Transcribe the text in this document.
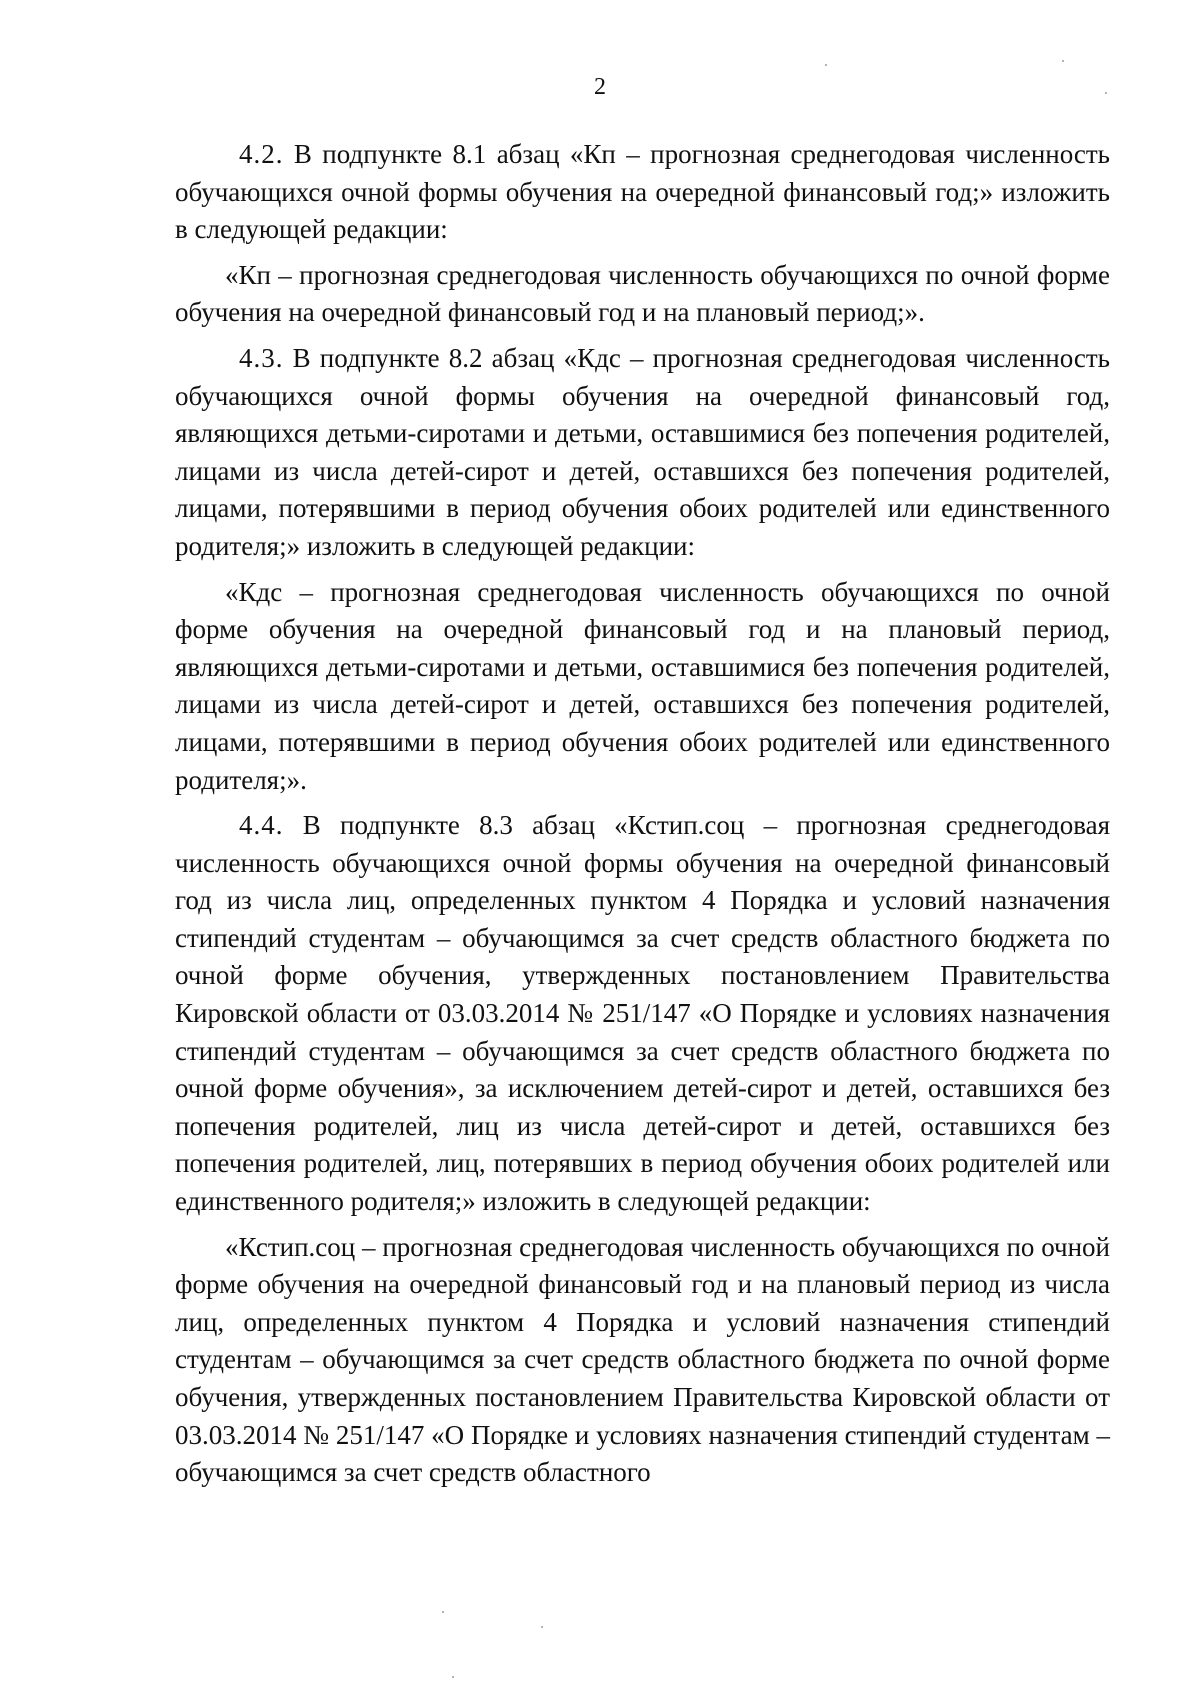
2

4.2. В подпункте 8.1 абзац «Кп – прогнозная среднегодовая численность обучающихся очной формы обучения на очередной финансовый год;» изложить в следующей редакции:

«Кп – прогнозная среднегодовая численность обучающихся по очной форме обучения на очередной финансовый год и на плановый период;».

4.3. В подпункте 8.2 абзац «Кдс – прогнозная среднегодовая численность обучающихся очной формы обучения на очередной финансовый год, являющихся детьми-сиротами и детьми, оставшимися без попечения родителей, лицами из числа детей-сирот и детей, оставшихся без попечения родителей, лицами, потерявшими в период обучения обоих родителей или единственного родителя;» изложить в следующей редакции:

«Кдс – прогнозная среднегодовая численность обучающихся по очной форме обучения на очередной финансовый год и на плановый период, являющихся детьми-сиротами и детьми, оставшимися без попечения родителей, лицами из числа детей-сирот и детей, оставшихся без попечения родителей, лицами, потерявшими в период обучения обоих родителей или единственного родителя;».

4.4. В подпункте 8.3 абзац «Кстип.соц – прогнозная среднегодовая численность обучающихся очной формы обучения на очередной финансовый год из числа лиц, определенных пунктом 4 Порядка и условий назначения стипендий студентам – обучающимся за счет средств областного бюджета по очной форме обучения, утвержденных постановлением Правительства Кировской области от 03.03.2014 № 251/147 «О Порядке и условиях назначения стипендий студентам – обучающимся за счет средств областного бюджета по очной форме обучения», за исключением детей-сирот и детей, оставшихся без попечения родителей, лиц из числа детей-сирот и детей, оставшихся без попечения родителей, лиц, потерявших в период обучения обоих родителей или единственного родителя;» изложить в следующей редакции:

«Кстип.соц – прогнозная среднегодовая численность обучающихся по очной форме обучения на очередной финансовый год и на плановый период из числа лиц, определенных пунктом 4 Порядка и условий назначения стипендий студентам – обучающимся за счет средств областного бюджета по очной форме обучения, утвержденных постановлением Правительства Кировской области от 03.03.2014 № 251/147 «О Порядке и условиях назначения стипендий студентам – обучающимся за счет средств областного
